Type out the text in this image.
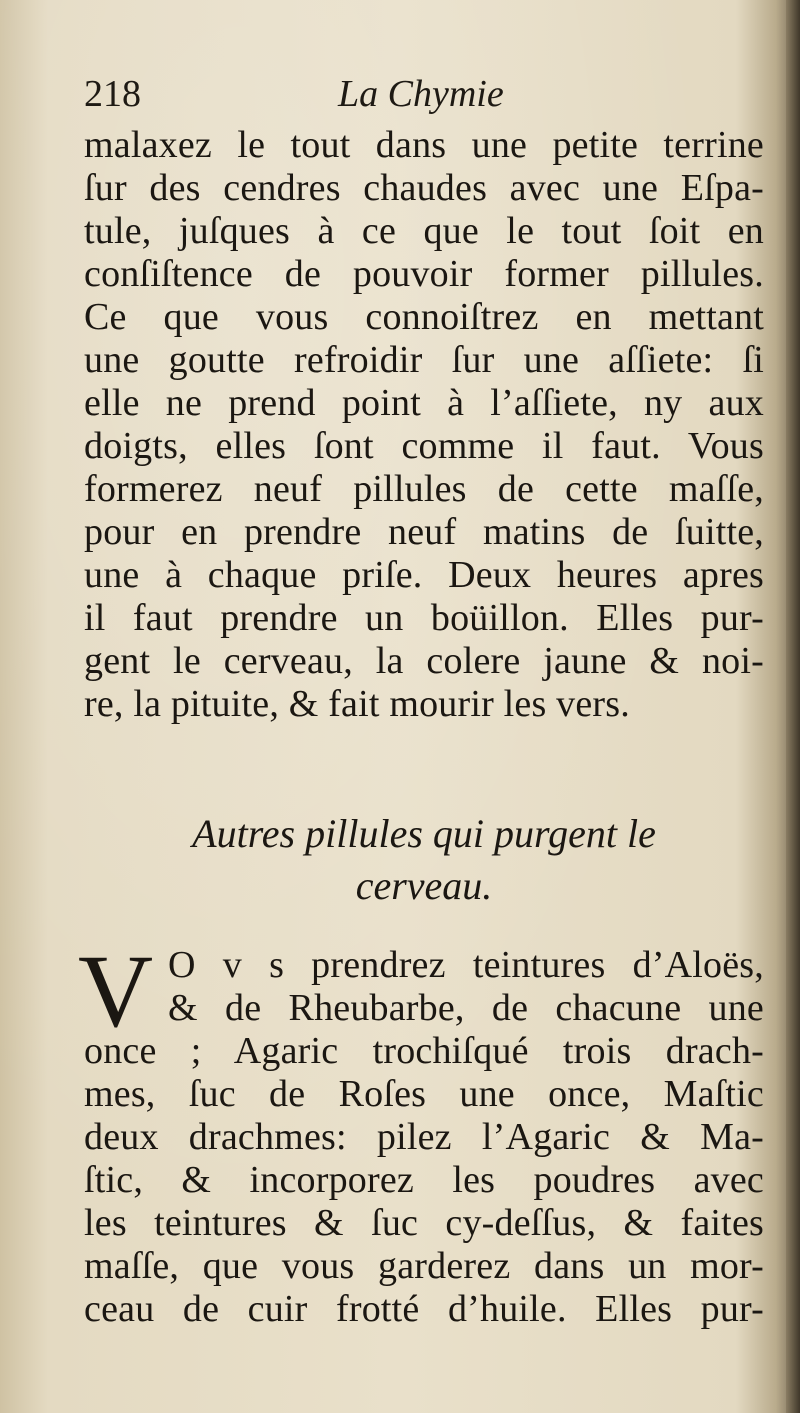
218	La Chymie
malaxez le tout dans une petite terrine
ſur des cendres chaudes avec une Eſpa-
tule, juſques à ce que le tout ſoit en
conſiſtence de pouvoir former pillules.
Ce que vous connoiſtrez en mettant
une goutte refroidir ſur une aſſiete: ſi
elle ne prend point à l’aſſiete, ny aux
doigts, elles ſont comme il faut. Vous
formerez neuf pillules de cette maſſe,
pour en prendre neuf matins de ſuitte,
une à chaque priſe. Deux heures apres
il faut prendre un boüillon. Elles pur-
gent le cerveau, la colere jaune & noi-
re, la pituite, & fait mourir les vers.
Autres pillules qui purgent le
cerveau.
V O v s prendrez teintures d’Aloës,
& de Rheubarbe, de chacune une
once ; Agaric trochiſqué trois drach-
mes, ſuc de Roſes une once, Maſtic
deux drachmes: pilez l’Agaric & Ma-
ſtic, & incorporez les poudres avec
les teintures & ſuc cy-deſſus, & faites
maſſe, que vous garderez dans un mor-
ceau de cuir frotté d’huile. Elles pur-
